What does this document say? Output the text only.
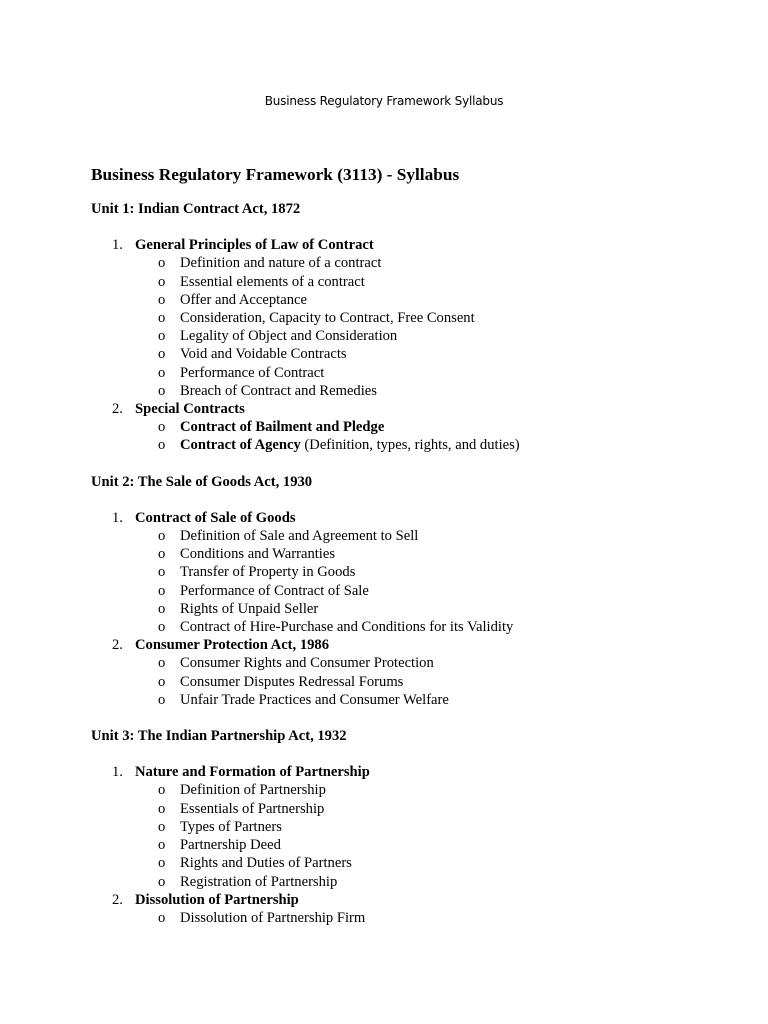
Business Regulatory Framework Syllabus
Business Regulatory Framework (3113) - Syllabus
Unit 1: Indian Contract Act, 1872
1. General Principles of Law of Contract
o Definition and nature of a contract
o Essential elements of a contract
o Offer and Acceptance
o Consideration, Capacity to Contract, Free Consent
o Legality of Object and Consideration
o Void and Voidable Contracts
o Performance of Contract
o Breach of Contract and Remedies
2. Special Contracts
o Contract of Bailment and Pledge
o Contract of Agency (Definition, types, rights, and duties)
Unit 2: The Sale of Goods Act, 1930
1. Contract of Sale of Goods
o Definition of Sale and Agreement to Sell
o Conditions and Warranties
o Transfer of Property in Goods
o Performance of Contract of Sale
o Rights of Unpaid Seller
o Contract of Hire-Purchase and Conditions for its Validity
2. Consumer Protection Act, 1986
o Consumer Rights and Consumer Protection
o Consumer Disputes Redressal Forums
o Unfair Trade Practices and Consumer Welfare
Unit 3: The Indian Partnership Act, 1932
1. Nature and Formation of Partnership
o Definition of Partnership
o Essentials of Partnership
o Types of Partners
o Partnership Deed
o Rights and Duties of Partners
o Registration of Partnership
2. Dissolution of Partnership
o Dissolution of Partnership Firm
